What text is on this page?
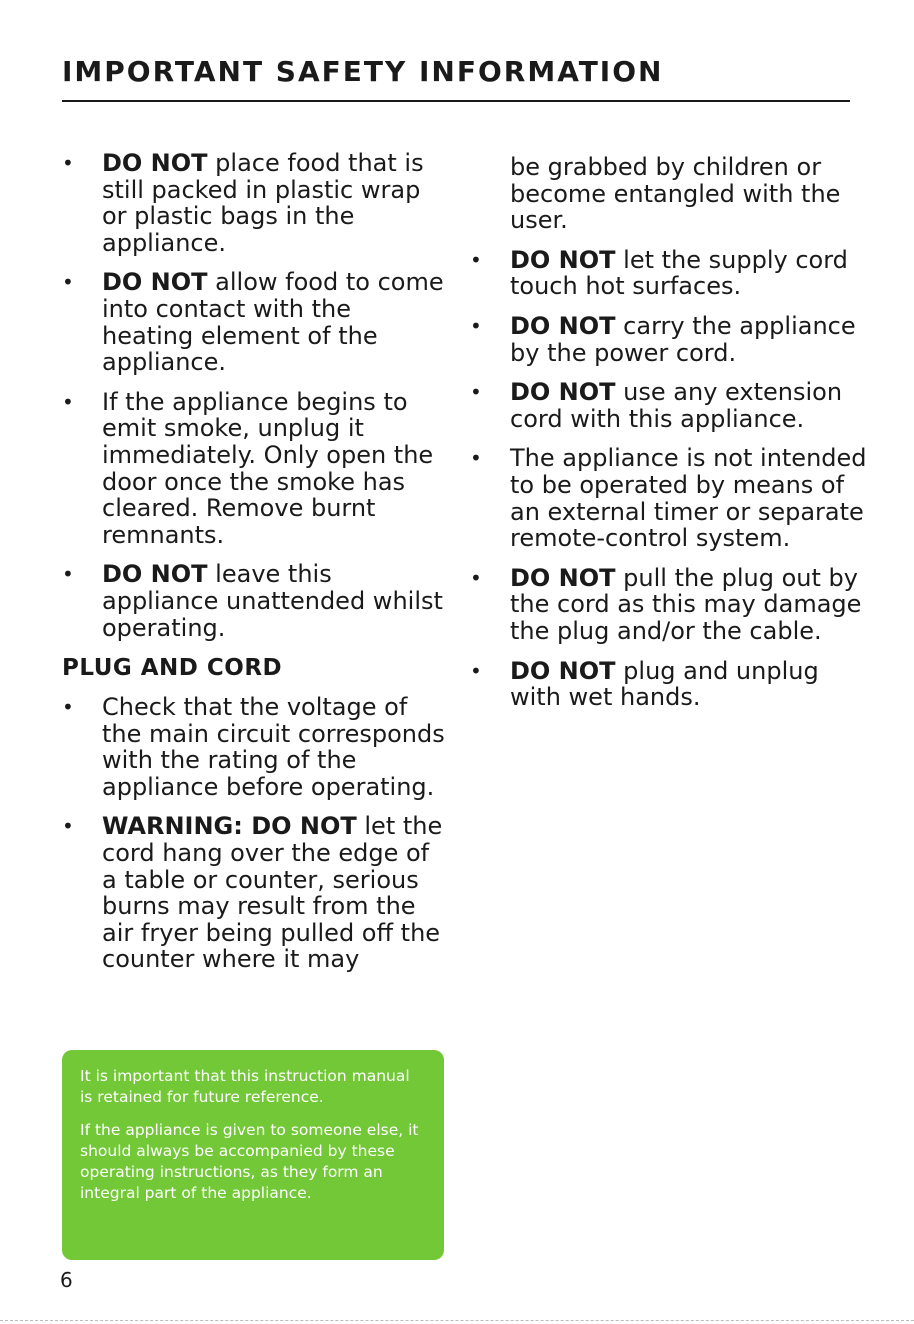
IMPORTANT SAFETY INFORMATION
• DO NOT place food that is still packed in plastic wrap or plastic bags in the appliance.
• DO NOT allow food to come into contact with the heating element of the appliance.
• If the appliance begins to emit smoke, unplug it immediately. Only open the door once the smoke has cleared. Remove burnt remnants.
• DO NOT leave this appliance unattended whilst operating.
PLUG AND CORD
• Check that the voltage of the main circuit corresponds with the rating of the appliance before operating.
• WARNING: DO NOT let the cord hang over the edge of a table or counter, serious burns may result from the air fryer being pulled off the counter where it may

be grabbed by children or become entangled with the user.

• DO NOT let the supply cord touch hot surfaces.
• DO NOT carry the appliance by the power cord.
• DO NOT use any extension cord with this appliance.
• The appliance is not intended to be operated by means of an external timer or separate remote-control system.
• DO NOT pull the plug out by the cord as this may damage the plug and/or the cable.
• DO NOT plug and unplug with wet hands.

It is important that this instruction manual is retained for future reference.

If the appliance is given to someone else, it should always be accompanied by these operating instructions, as they form an integral part of the appliance.

6
